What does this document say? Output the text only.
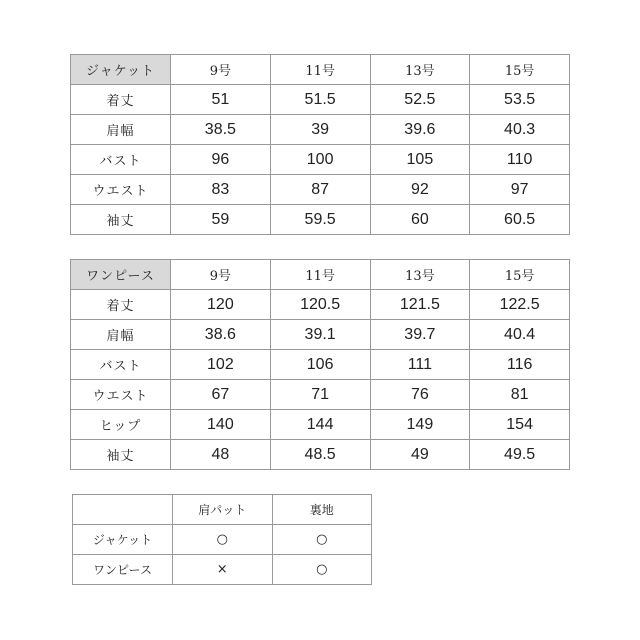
ジャケット	9号	11号	13号	15号
着丈	51	51.5	52.5	53.5
肩幅	38.5	39	39.6	40.3
バスト	96	100	105	110
ウエスト	83	87	92	97
袖丈	59	59.5	60	60.5
ワンピース	9号	11号	13号	15号
着丈	120	120.5	121.5	122.5
肩幅	38.6	39.1	39.7	40.4
バスト	102	106	111	116
ウエスト	67	71	76	81
ヒップ	140	144	149	154
袖丈	48	48.5	49	49.5
	肩パット	裏地
ジャケット	○	○
ワンピース	×	○
